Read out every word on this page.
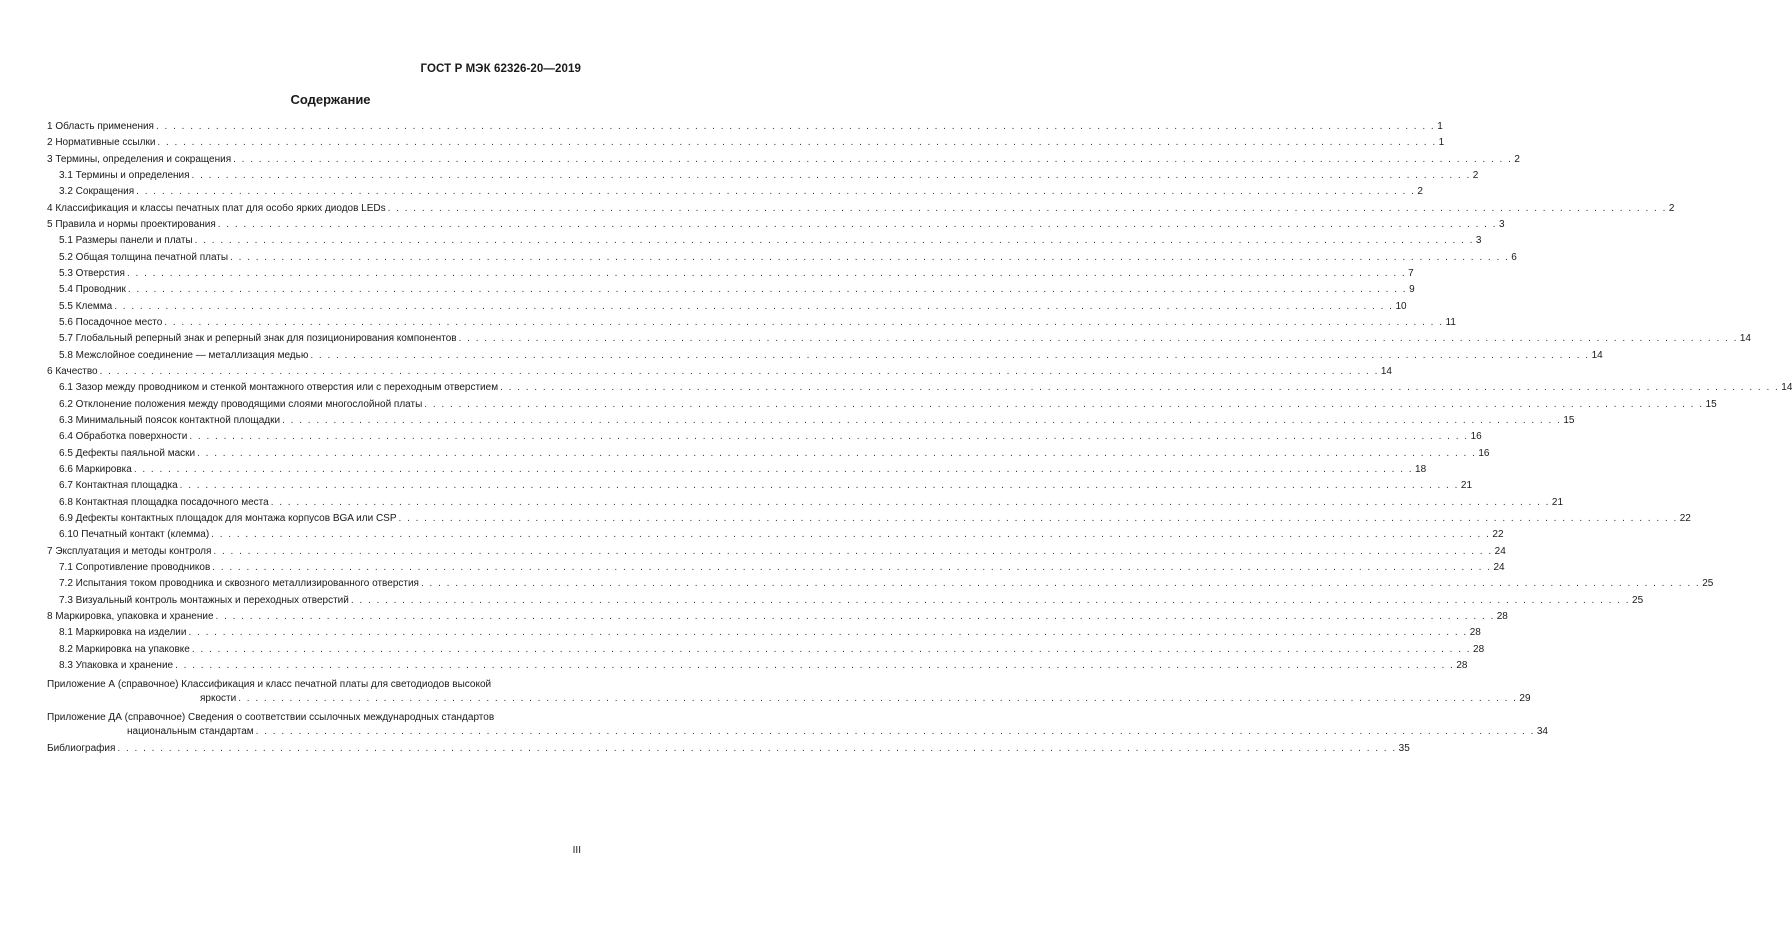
ГОСТ Р МЭК 62326-20—2019
Содержание
1 Область применения . . . . . . . . . . . . . . . . . . . . . . . . . . . . . . . . . . . . . . . . . . . . . . . . . . . . . . . . . . . . . . . . . . . . . . . . . . . . . . . . . . . . . . . . . . . . . . . . . . . . . . . . . . . . . . . . . . . . . . . . . . . . . . . . . . . . . . . . . . . . . . . . . . . . . . 1
2 Нормативные ссылки . . . . . . . . . . . . . . . . . . . . . . . . . . . . . . . . . . . . . . . . . . . . . . . . . . . . . . . . . . . . . . . . . . . . . . . . . . . . . . . . . . . . . . . . . . . . . . . . . . . . . . . . . . . . . . . . . . . . . . . . . . . . . . . . . . . . . . . . . . . . . . . . . . . . . . 1
3 Термины, определения и сокращения . . . . . . . . . . . . . . . . . . . . . . . . . . . . . . . . . . . . . . . . . . . . . . . . . . . . . . . . . . . . . . . . . . . . . . . . . . . . . . . . . . . . . . . . . . . . . . . . . . . . . . . . . . . . . . . . . . . . . . . . . . . . . . . . . . . . . . . . . . . . . . . . . . . . . . 2
3.1 Термины и определения . . . . . . . . . . . . . . . . . . . . . . . . . . . . . . . . . . . . . . . . . . . . . . . . . . . . . . . . . . . . . . . . . . . . . . . . . . . . . . . . . . . . . . . . . . . . . . . . . . . . . . . . . . . . . . . . . . . . . . . . . . . . . . . . . . . . . . . . . . . . . . . . . . . . . . 2
3.2 Сокращения . . . . . . . . . . . . . . . . . . . . . . . . . . . . . . . . . . . . . . . . . . . . . . . . . . . . . . . . . . . . . . . . . . . . . . . . . . . . . . . . . . . . . . . . . . . . . . . . . . . . . . . . . . . . . . . . . . . . . . . . . . . . . . . . . . . . . . . . . . . . . . . . . . . . . . 2
4 Классификация и классы печатных плат для особо ярких диодов LEDs . . . . . . . . . . . . . . . . . . . . . . . . . . . . . . . . . . . . . . . . . . . . . . . . . . . . . . . . . . . . . . . . . . . . . . . . . . . . . . . . . . . . . . . . . . . . . . . . . . . . . . . . . . . . . . . . . . . . . . . . . . . . . . . . . . . . . . . . . . . . . . . . . . . . . . 2
5 Правила и нормы проектирования . . . . . . . . . . . . . . . . . . . . . . . . . . . . . . . . . . . . . . . . . . . . . . . . . . . . . . . . . . . . . . . . . . . . . . . . . . . . . . . . . . . . . . . . . . . . . . . . . . . . . . . . . . . . . . . . . . . . . . . . . . . . . . . . . . . . . . . . . . . . . . . . . . . . . . 3
5.1 Размеры панели и платы . . . . . . . . . . . . . . . . . . . . . . . . . . . . . . . . . . . . . . . . . . . . . . . . . . . . . . . . . . . . . . . . . . . . . . . . . . . . . . . . . . . . . . . . . . . . . . . . . . . . . . . . . . . . . . . . . . . . . . . . . . . . . . . . . . . . . . . . . . . . . . . . . . . . . . 3
5.2 Общая толщина печатной платы . . . . . . . . . . . . . . . . . . . . . . . . . . . . . . . . . . . . . . . . . . . . . . . . . . . . . . . . . . . . . . . . . . . . . . . . . . . . . . . . . . . . . . . . . . . . . . . . . . . . . . . . . . . . . . . . . . . . . . . . . . . . . . . . . . . . . . . . . . . . . . . . . . . . . . 6
5.3 Отверстия . . . . . . . . . . . . . . . . . . . . . . . . . . . . . . . . . . . . . . . . . . . . . . . . . . . . . . . . . . . . . . . . . . . . . . . . . . . . . . . . . . . . . . . . . . . . . . . . . . . . . . . . . . . . . . . . . . . . . . . . . . . . . . . . . . . . . . . . . . . . . . . . . . . . . . 7
5.4 Проводник . . . . . . . . . . . . . . . . . . . . . . . . . . . . . . . . . . . . . . . . . . . . . . . . . . . . . . . . . . . . . . . . . . . . . . . . . . . . . . . . . . . . . . . . . . . . . . . . . . . . . . . . . . . . . . . . . . . . . . . . . . . . . . . . . . . . . . . . . . . . . . . . . . . . . . 9
5.5 Клемма . . . . . . . . . . . . . . . . . . . . . . . . . . . . . . . . . . . . . . . . . . . . . . . . . . . . . . . . . . . . . . . . . . . . . . . . . . . . . . . . . . . . . . . . . . . . . . . . . . . . . . . . . . . . . . . . . . . . . . . . . . . . . . . . . . . . . . . . . . . . . . . . . . . . . . 10
5.6 Посадочное место . . . . . . . . . . . . . . . . . . . . . . . . . . . . . . . . . . . . . . . . . . . . . . . . . . . . . . . . . . . . . . . . . . . . . . . . . . . . . . . . . . . . . . . . . . . . . . . . . . . . . . . . . . . . . . . . . . . . . . . . . . . . . . . . . . . . . . . . . . . . . . . . . . . . . . 11
5.7 Глобальный реперный знак и реперный знак для позиционирования компонентов . . . . . . . . . . . . . . . . . . . . . . . . . . . . . . . . . . . . . . . . . . . . . . . . . . . . . . . . . . . . . . . . . . . . . . . . . . . . . . . . . . . . . . . . . . . . . . . . . . . . . . . . . . . . . . . . . . . . . . . . . . . . . . . . . . . . . . . . . . . . . . . . . . . . . . 14
5.8 Межслойное соединение — металлизация медью . . . . . . . . . . . . . . . . . . . . . . . . . . . . . . . . . . . . . . . . . . . . . . . . . . . . . . . . . . . . . . . . . . . . . . . . . . . . . . . . . . . . . . . . . . . . . . . . . . . . . . . . . . . . . . . . . . . . . . . . . . . . . . . . . . . . . . . . . . . . . . . . . . . . . . 14
6 Качество . . . . . . . . . . . . . . . . . . . . . . . . . . . . . . . . . . . . . . . . . . . . . . . . . . . . . . . . . . . . . . . . . . . . . . . . . . . . . . . . . . . . . . . . . . . . . . . . . . . . . . . . . . . . . . . . . . . . . . . . . . . . . . . . . . . . . . . . . . . . . . . . . . . . . . 14
6.1 Зазор между проводником и стенкой монтажного отверстия или с переходным отверстием . . . . . . . . . . . . . . . . . . . . . . . . . . . . . . . . . . . . . . . . . . . . . . . . . . . . . . . . . . . . . . . . . . . . . . . . . . . . . . . . . . . . . . . . . . . . . . . . . . . . . . . . . . . . . . . . . . . . . . . . . . . . . . . . . . . . . . . . . . . . . . . . . . . . . . 14
6.2 Отклонение положения между проводящими слоями многослойной платы . . . . . . . . . . . . . . . . . . . . . . . . . . . . . . . . . . . . . . . . . . . . . . . . . . . . . . . . . . . . . . . . . . . . . . . . . . . . . . . . . . . . . . . . . . . . . . . . . . . . . . . . . . . . . . . . . . . . . . . . . . . . . . . . . . . . . . . . . . . . . . . . . . . . . . 15
6.3 Минимальный поясок контактной площадки . . . . . . . . . . . . . . . . . . . . . . . . . . . . . . . . . . . . . . . . . . . . . . . . . . . . . . . . . . . . . . . . . . . . . . . . . . . . . . . . . . . . . . . . . . . . . . . . . . . . . . . . . . . . . . . . . . . . . . . . . . . . . . . . . . . . . . . . . . . . . . . . . . . . . . 15
6.4 Обработка поверхности . . . . . . . . . . . . . . . . . . . . . . . . . . . . . . . . . . . . . . . . . . . . . . . . . . . . . . . . . . . . . . . . . . . . . . . . . . . . . . . . . . . . . . . . . . . . . . . . . . . . . . . . . . . . . . . . . . . . . . . . . . . . . . . . . . . . . . . . . . . . . . . . . . . . . . 16
6.5 Дефекты паяльной маски . . . . . . . . . . . . . . . . . . . . . . . . . . . . . . . . . . . . . . . . . . . . . . . . . . . . . . . . . . . . . . . . . . . . . . . . . . . . . . . . . . . . . . . . . . . . . . . . . . . . . . . . . . . . . . . . . . . . . . . . . . . . . . . . . . . . . . . . . . . . . . . . . . . . . . 16
6.6 Маркировка . . . . . . . . . . . . . . . . . . . . . . . . . . . . . . . . . . . . . . . . . . . . . . . . . . . . . . . . . . . . . . . . . . . . . . . . . . . . . . . . . . . . . . . . . . . . . . . . . . . . . . . . . . . . . . . . . . . . . . . . . . . . . . . . . . . . . . . . . . . . . . . . . . . . . . 18
6.7 Контактная площадка . . . . . . . . . . . . . . . . . . . . . . . . . . . . . . . . . . . . . . . . . . . . . . . . . . . . . . . . . . . . . . . . . . . . . . . . . . . . . . . . . . . . . . . . . . . . . . . . . . . . . . . . . . . . . . . . . . . . . . . . . . . . . . . . . . . . . . . . . . . . . . . . . . . . . . 21
6.8 Контактная площадка посадочного места . . . . . . . . . . . . . . . . . . . . . . . . . . . . . . . . . . . . . . . . . . . . . . . . . . . . . . . . . . . . . . . . . . . . . . . . . . . . . . . . . . . . . . . . . . . . . . . . . . . . . . . . . . . . . . . . . . . . . . . . . . . . . . . . . . . . . . . . . . . . . . . . . . . . . . 21
6.9 Дефекты контактных площадок для монтажа корпусов BGA или CSP . . . . . . . . . . . . . . . . . . . . . . . . . . . . . . . . . . . . . . . . . . . . . . . . . . . . . . . . . . . . . . . . . . . . . . . . . . . . . . . . . . . . . . . . . . . . . . . . . . . . . . . . . . . . . . . . . . . . . . . . . . . . . . . . . . . . . . . . . . . . . . . . . . . . . . 22
6.10 Печатный контакт (клемма) . . . . . . . . . . . . . . . . . . . . . . . . . . . . . . . . . . . . . . . . . . . . . . . . . . . . . . . . . . . . . . . . . . . . . . . . . . . . . . . . . . . . . . . . . . . . . . . . . . . . . . . . . . . . . . . . . . . . . . . . . . . . . . . . . . . . . . . . . . . . . . . . . . . . . . 22
7 Эксплуатация и методы контроля . . . . . . . . . . . . . . . . . . . . . . . . . . . . . . . . . . . . . . . . . . . . . . . . . . . . . . . . . . . . . . . . . . . . . . . . . . . . . . . . . . . . . . . . . . . . . . . . . . . . . . . . . . . . . . . . . . . . . . . . . . . . . . . . . . . . . . . . . . . . . . . . . . . . . . 24
7.1 Сопротивление проводников . . . . . . . . . . . . . . . . . . . . . . . . . . . . . . . . . . . . . . . . . . . . . . . . . . . . . . . . . . . . . . . . . . . . . . . . . . . . . . . . . . . . . . . . . . . . . . . . . . . . . . . . . . . . . . . . . . . . . . . . . . . . . . . . . . . . . . . . . . . . . . . . . . . . . . 24
7.2 Испытания током проводника и сквозного металлизированного отверстия . . . . . . . . . . . . . . . . . . . . . . . . . . . . . . . . . . . . . . . . . . . . . . . . . . . . . . . . . . . . . . . . . . . . . . . . . . . . . . . . . . . . . . . . . . . . . . . . . . . . . . . . . . . . . . . . . . . . . . . . . . . . . . . . . . . . . . . . . . . . . . . . . . . . . . 25
7.3 Визуальный контроль монтажных и переходных отверстий . . . . . . . . . . . . . . . . . . . . . . . . . . . . . . . . . . . . . . . . . . . . . . . . . . . . . . . . . . . . . . . . . . . . . . . . . . . . . . . . . . . . . . . . . . . . . . . . . . . . . . . . . . . . . . . . . . . . . . . . . . . . . . . . . . . . . . . . . . . . . . . . . . . . . . 25
8 Маркировка, упаковка и хранение . . . . . . . . . . . . . . . . . . . . . . . . . . . . . . . . . . . . . . . . . . . . . . . . . . . . . . . . . . . . . . . . . . . . . . . . . . . . . . . . . . . . . . . . . . . . . . . . . . . . . . . . . . . . . . . . . . . . . . . . . . . . . . . . . . . . . . . . . . . . . . . . . . . . . . 28
8.1 Маркировка на изделии . . . . . . . . . . . . . . . . . . . . . . . . . . . . . . . . . . . . . . . . . . . . . . . . . . . . . . . . . . . . . . . . . . . . . . . . . . . . . . . . . . . . . . . . . . . . . . . . . . . . . . . . . . . . . . . . . . . . . . . . . . . . . . . . . . . . . . . . . . . . . . . . . . . . . . 28
8.2 Маркировка на упаковке . . . . . . . . . . . . . . . . . . . . . . . . . . . . . . . . . . . . . . . . . . . . . . . . . . . . . . . . . . . . . . . . . . . . . . . . . . . . . . . . . . . . . . . . . . . . . . . . . . . . . . . . . . . . . . . . . . . . . . . . . . . . . . . . . . . . . . . . . . . . . . . . . . . . . . 28
8.3 Упаковка и хранение . . . . . . . . . . . . . . . . . . . . . . . . . . . . . . . . . . . . . . . . . . . . . . . . . . . . . . . . . . . . . . . . . . . . . . . . . . . . . . . . . . . . . . . . . . . . . . . . . . . . . . . . . . . . . . . . . . . . . . . . . . . . . . . . . . . . . . . . . . . . . . . . . . . . . . 28
Приложение А (справочное) Классификация и класс печатной платы для светодиодов высокой
яркости . . . . . . . . . . . . . . . . . . . . . . . . . . . . . . . . . . . . . . . . . . . . . . . . . . . . . . . . . . . . . . . . . . . . . . . . . . . . . . . . . . . . . . . . . . . . . . . . . . . . . . . . . . . . . . . . . . . . . . . . . . . . . . . . . . . . . . . . . . . . . . . . . . . . . . 29
Приложение ДА (справочное) Сведения о соответствии ссылочных международных стандартов
национальным стандартам . . . . . . . . . . . . . . . . . . . . . . . . . . . . . . . . . . . . . . . . . . . . . . . . . . . . . . . . . . . . . . . . . . . . . . . . . . . . . . . . . . . . . . . . . . . . . . . . . . . . . . . . . . . . . . . . . . . . . . . . . . . . . . . . . . . . . . . . . . . . . . . . . . . . . . 34
Библиография . . . . . . . . . . . . . . . . . . . . . . . . . . . . . . . . . . . . . . . . . . . . . . . . . . . . . . . . . . . . . . . . . . . . . . . . . . . . . . . . . . . . . . . . . . . . . . . . . . . . . . . . . . . . . . . . . . . . . . . . . . . . . . . . . . . . . . . . . . . . . . . . . . . . . . 35
III
